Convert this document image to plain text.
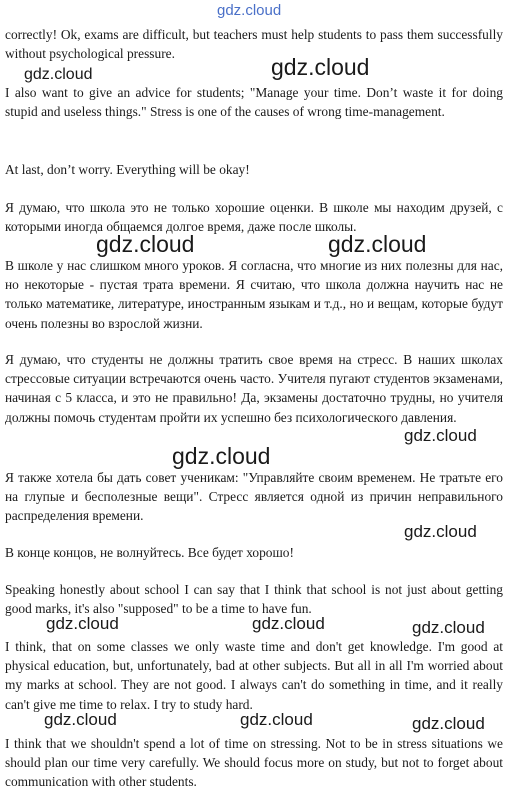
correctly! Ok, exams are difficult, but teachers must help students to pass them successfully without psychological pressure.

I also want to give an advice for students; "Manage your time. Don’t waste it for doing stupid and useless things." Stress is one of the causes of wrong time-management.

At last, don’t worry. Everything will be okay!

Я думаю, что школа это не только хорошие оценки. В школе мы находим друзей, с которыми иногда общаемся долгое время, даже после школы.

В школе у нас слишком много уроков. Я согласна, что многие из них полезны для нас, но некоторые - пустая трата времени. Я считаю, что школа должна научить нас не только математике, литературе, иностранным языкам и т.д., но и вещам, которые будут очень полезны во взрослой жизни.

Я думаю, что студенты не должны тратить свое время на стресс. В наших школах стрессовые ситуации встречаются очень часто. Учителя пугают студентов экзаменами, начиная с 5 класса, и это не правильно! Да, экзамены достаточно трудны, но учителя должны помочь студентам пройти их успешно без психологического давления.

Я также хотела бы дать совет ученикам: "Управляйте своим временем. Не тратьте его на глупые и бесполезные вещи". Стресс является одной из причин неправильного распределения времени.

В конце концов, не волнуйтесь. Все будет хорошо!

Speaking honestly about school I can say that I think that school is not just about getting good marks, it's also "supposed" to be a time to have fun.

I think, that on some classes we only waste time and don't get knowledge. I'm good at physical education, but, unfortunately, bad at other subjects. But all in all I'm worried about my marks at school. They are not good. I always can't do something in time, and it really can't give me time to relax. I try to study hard.

I think that we shouldn't spend a lot of time on stressing. Not to be in stress situations we should plan our time very carefully. We should focus more on study, but not to forget about communication with other students.

gdz.cloud
gdz.cloud	gdz.cloud
gdz.cloud	gdz.cloud
gdz.cloud
gdz.cloud
gdz.cloud
gdz.cloud	gdz.cloud	gdz.cloud
gdz.cloud	gdz.cloud	gdz.cloud
